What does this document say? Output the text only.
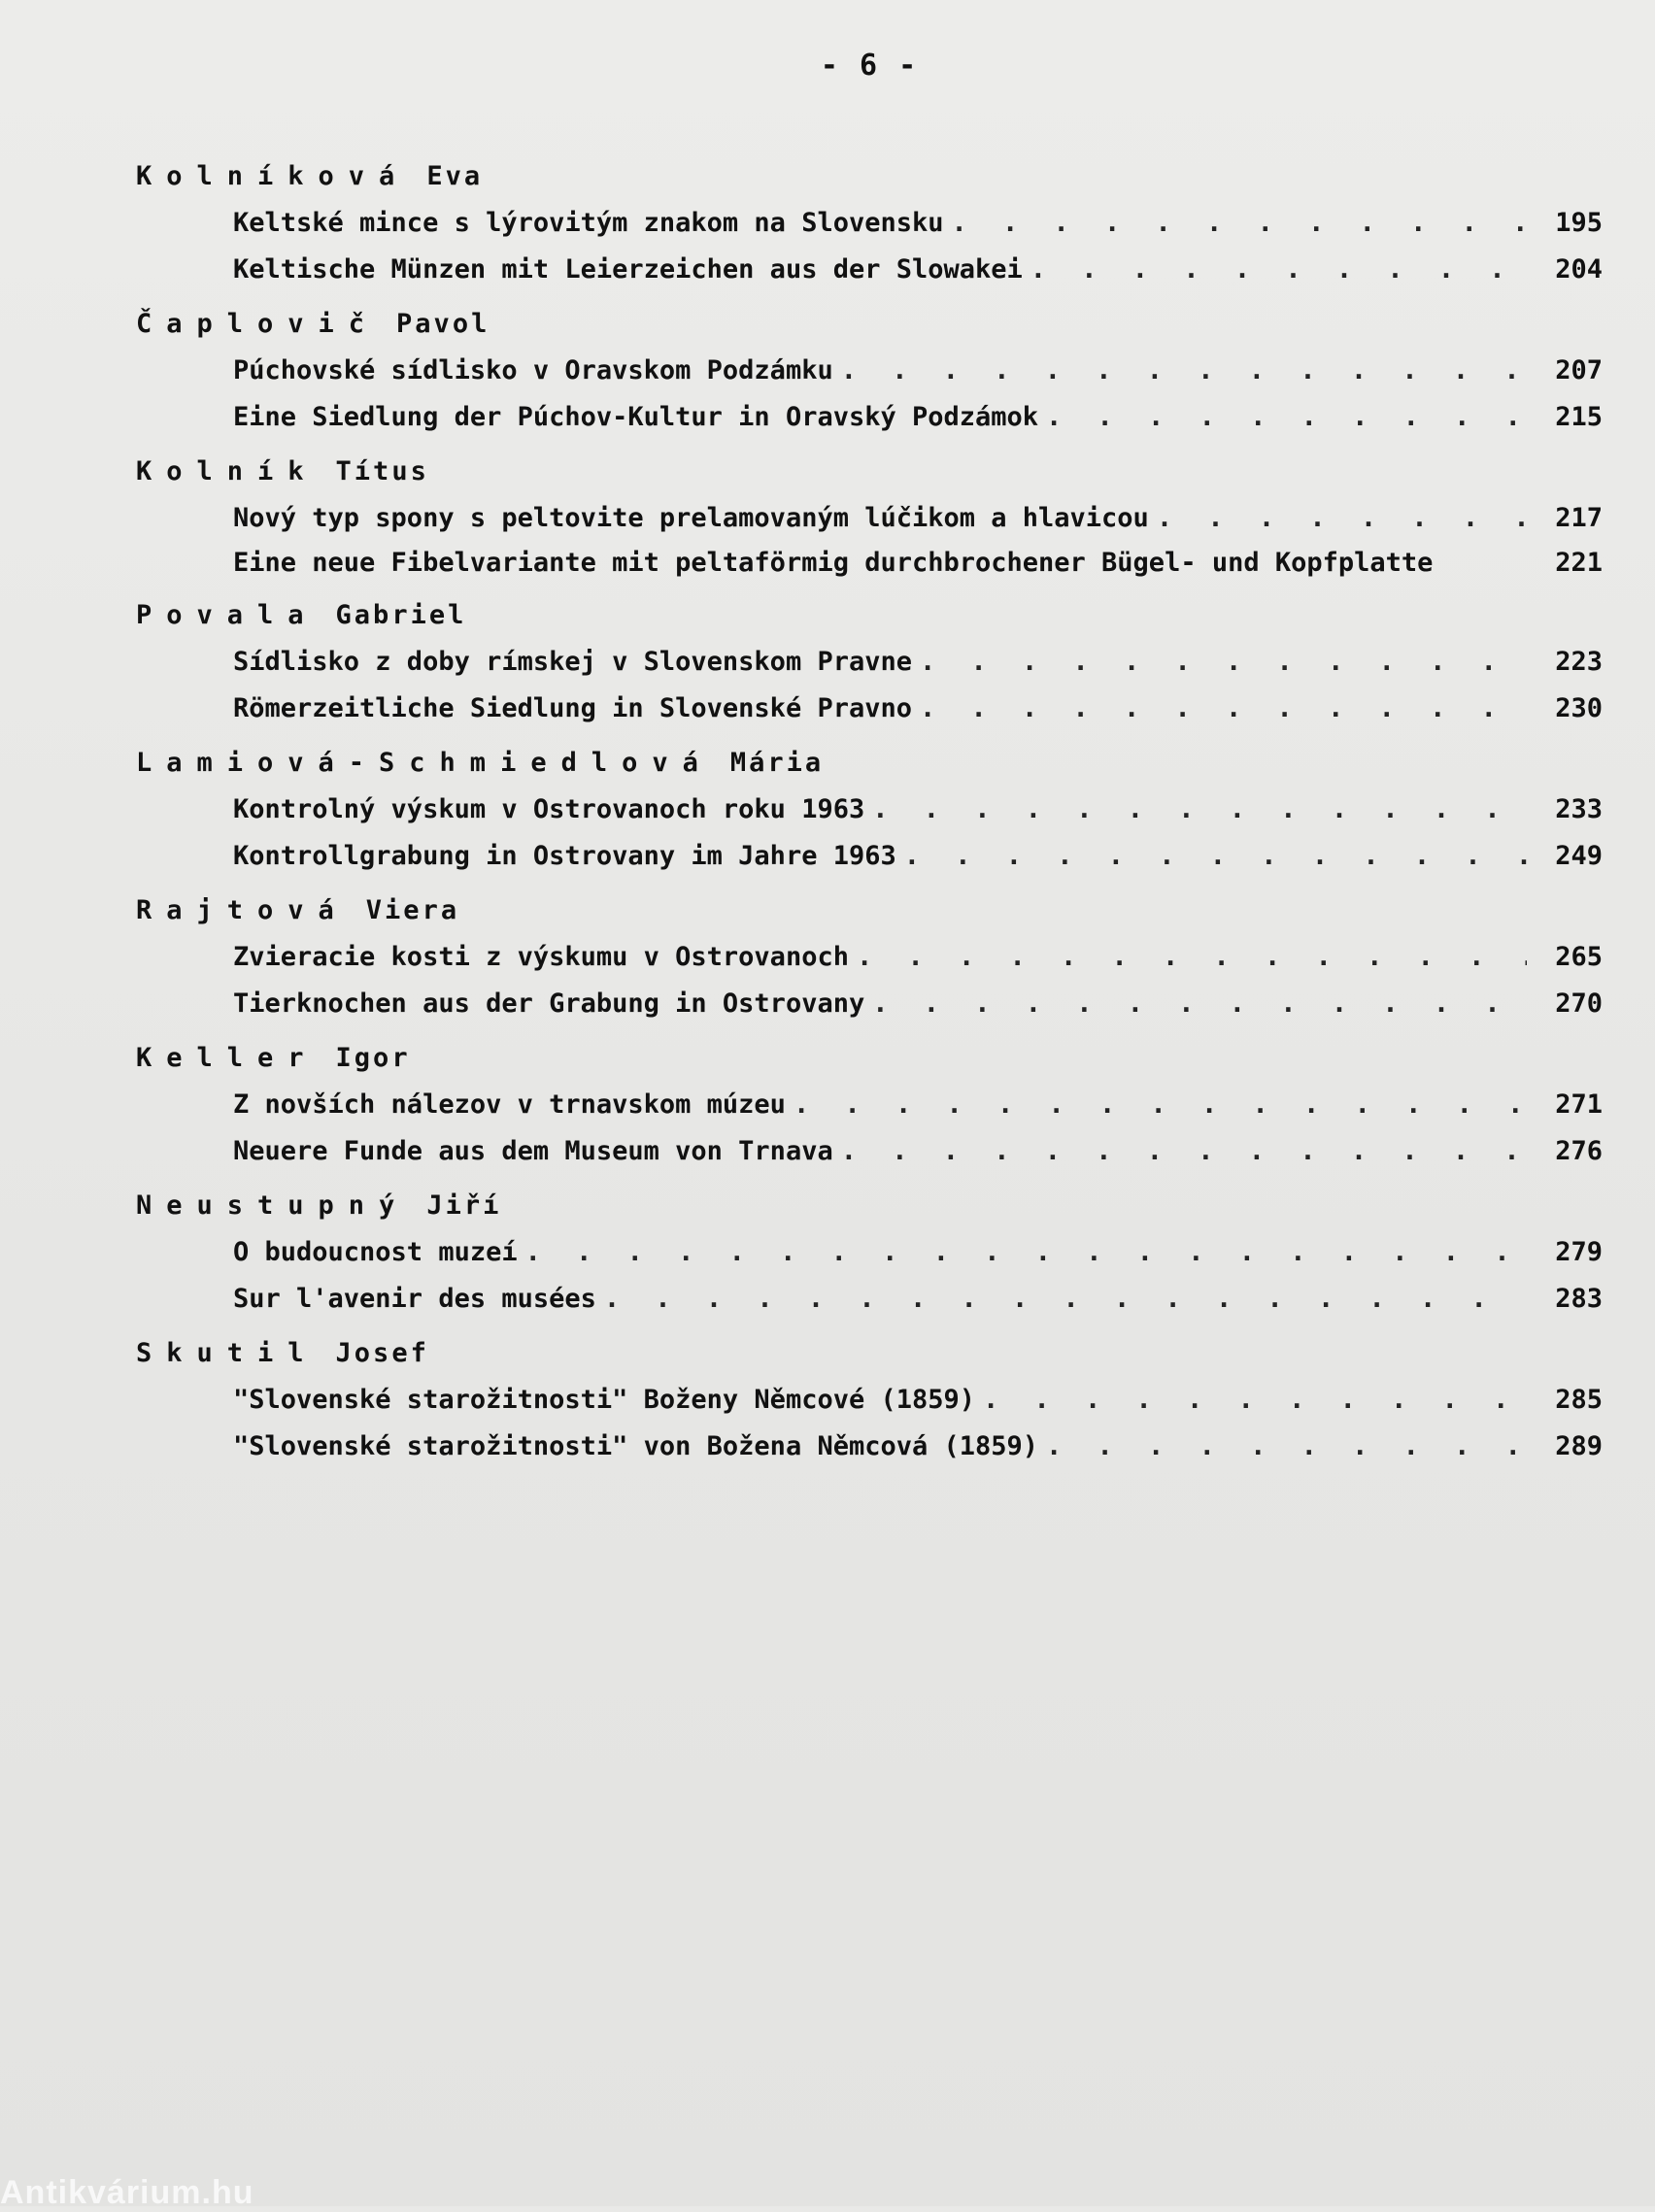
- 6 -
Kolníková Eva
Keltské mince s lýrovitým znakom na Slovensku . . .	195
Keltische Münzen mit Leierzeichen aus der Slowakei . . .	204
Čaplovič Pavol
Púchovské sídlisko v Oravskom Podzámku . . .	207
Eine Siedlung der Púchov-Kultur in Oravský Podzámok . . .	215
Kolník Títus
Nový typ spony s peltovite prelamovaným lúčikom a hlavicou . . .	217
Eine neue Fibelvariante mit peltaförmig durchbrochener Bügel- und Kopfplatte	221
Povala Gabriel
Sídlisko z doby rímskej v Slovenskom Pravne . . .	223
Römerzeitliche Siedlung in Slovenské Pravno . . .	230
Lamiová-Schmiedlová Mária
Kontrolný výskum v Ostrovanoch roku 1963 . . .	233
Kontrollgrabung in Ostrovany im Jahre 1963 . . .	249
Rajtová Viera
Zvieracie kosti z výskumu v Ostrovanoch . . .	265
Tierknochen aus der Grabung in Ostrovany . . .	270
Keller Igor
Z novších nálezov v trnavskom múzeu . . .	271
Neuere Funde aus dem Museum von Trnava . . .	276
Neustupný Jiří
O budoucnost muzeí . . .	279
Sur l'avenir des musées . . .	283
Skutil Josef
"Slovenské starožitnosti" Boženy Němcové (1859) . . .	285
"Slovenské starožitnosti" von Božena Němcová (1859) . . .	289
Antikvárium.hu
